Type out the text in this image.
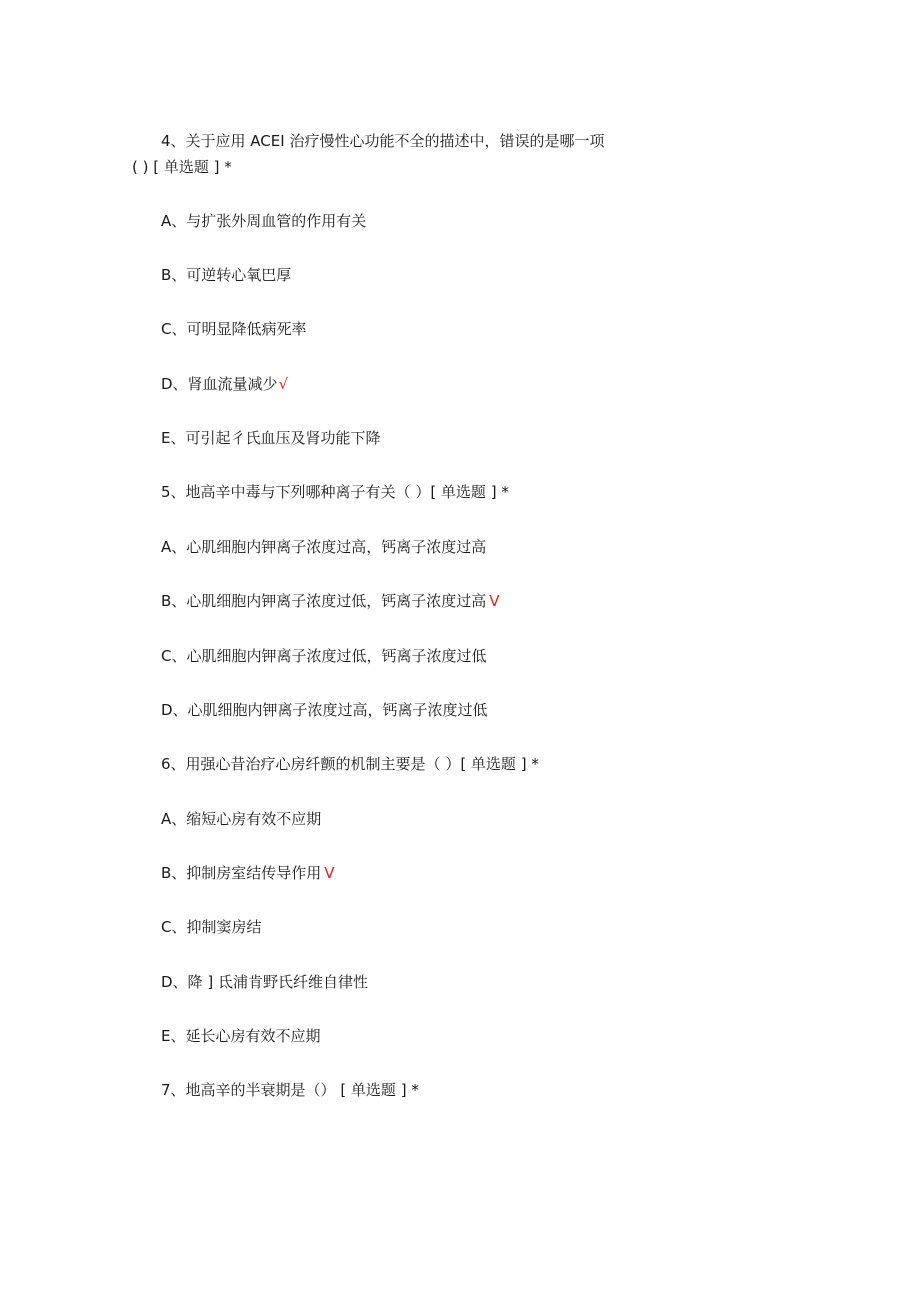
4、关于应用 ACEI 治疗慢性心功能不全的描述中，错误的是哪一项
( ) [ 单选题 ] *
A、与扩张外周血管的作用有关
B、可逆转心氧巴厚
C、可明显降低病死率
D、肾血流量减少√
E、可引起彳氏血压及肾功能下降
5、地高辛中毒与下列哪种离子有关（ ）[ 单选题 ] *
A、心肌细胞内钾离子浓度过高，钙离子浓度过高
B、心肌细胞内钾离子浓度过低，钙离子浓度过高 V
C、心肌细胞内钾离子浓度过低，钙离子浓度过低
D、心肌细胞内钾离子浓度过高，钙离子浓度过低
6、用强心昔治疗心房纤颤的机制主要是（ ）[ 单选题 ] *
A、缩短心房有效不应期
B、抑制房室结传导作用 V
C、抑制窦房结
D、降 ] 氐浦肯野氏纤维自律性
E、延长心房有效不应期
7、地高辛的半衰期是（） [ 单选题 ] *
